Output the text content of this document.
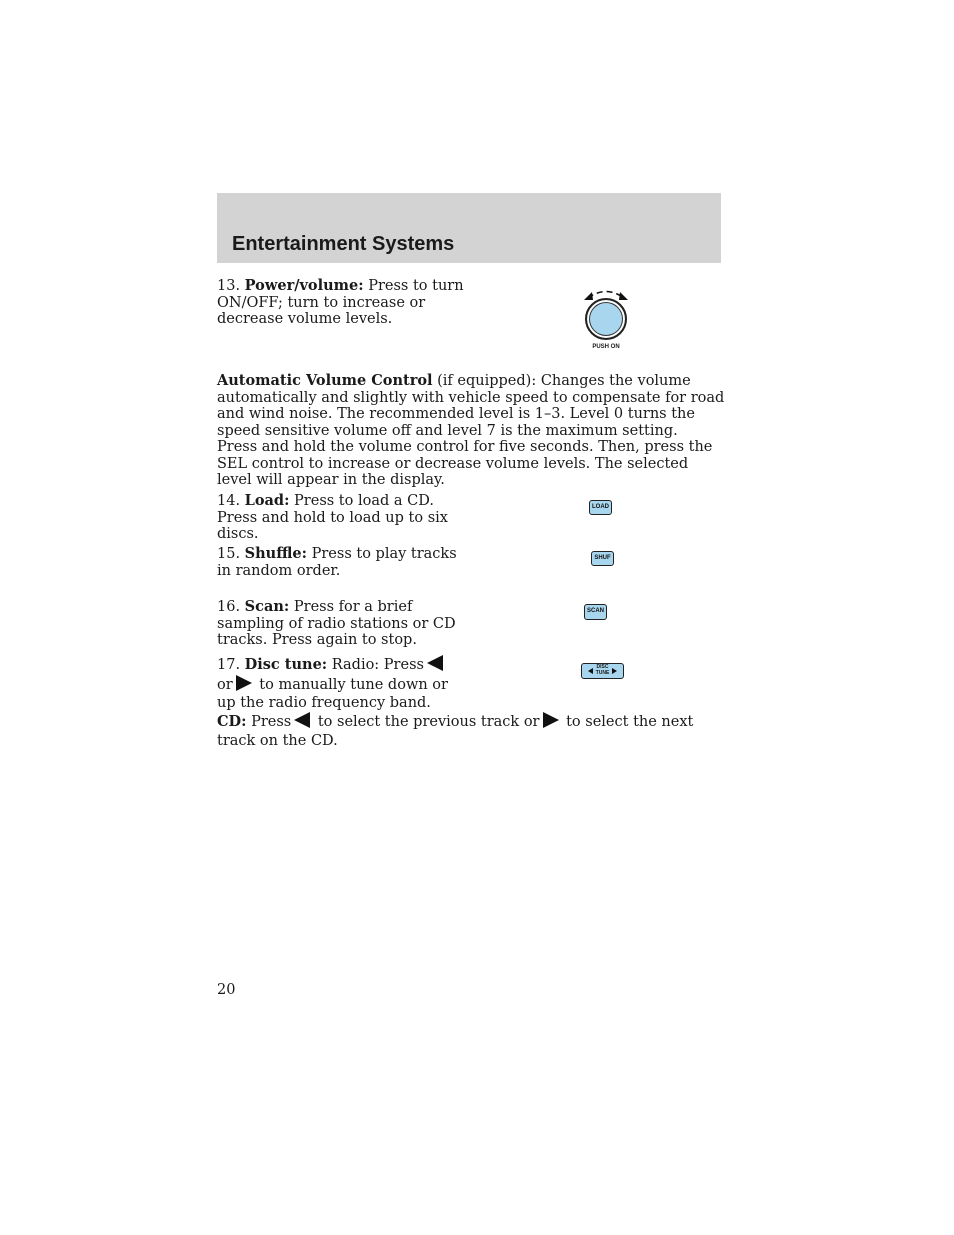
Entertainment Systems

13. Power/volume: Press to turn ON/OFF; turn to increase or decrease volume levels.

PUSH ON

Automatic Volume Control (if equipped): Changes the volume automatically and slightly with vehicle speed to compensate for road and wind noise. The recommended level is 1–3. Level 0 turns the speed sensitive volume off and level 7 is the maximum setting.
Press and hold the volume control for five seconds. Then, press the SEL control to increase or decrease volume levels. The selected level will appear in the display.

14. Load: Press to load a CD. Press and hold to load up to six discs.

LOAD

15. Shuffle: Press to play tracks in random order.

SHUF

16. Scan: Press for a brief sampling of radio stations or CD tracks. Press again to stop.

SCAN

17. Disc tune: Radio: Press
or to manually tune down or up the radio frequency band.

DISC
TUNE

CD: Press to select the previous track or to select the next track on the CD.

20
